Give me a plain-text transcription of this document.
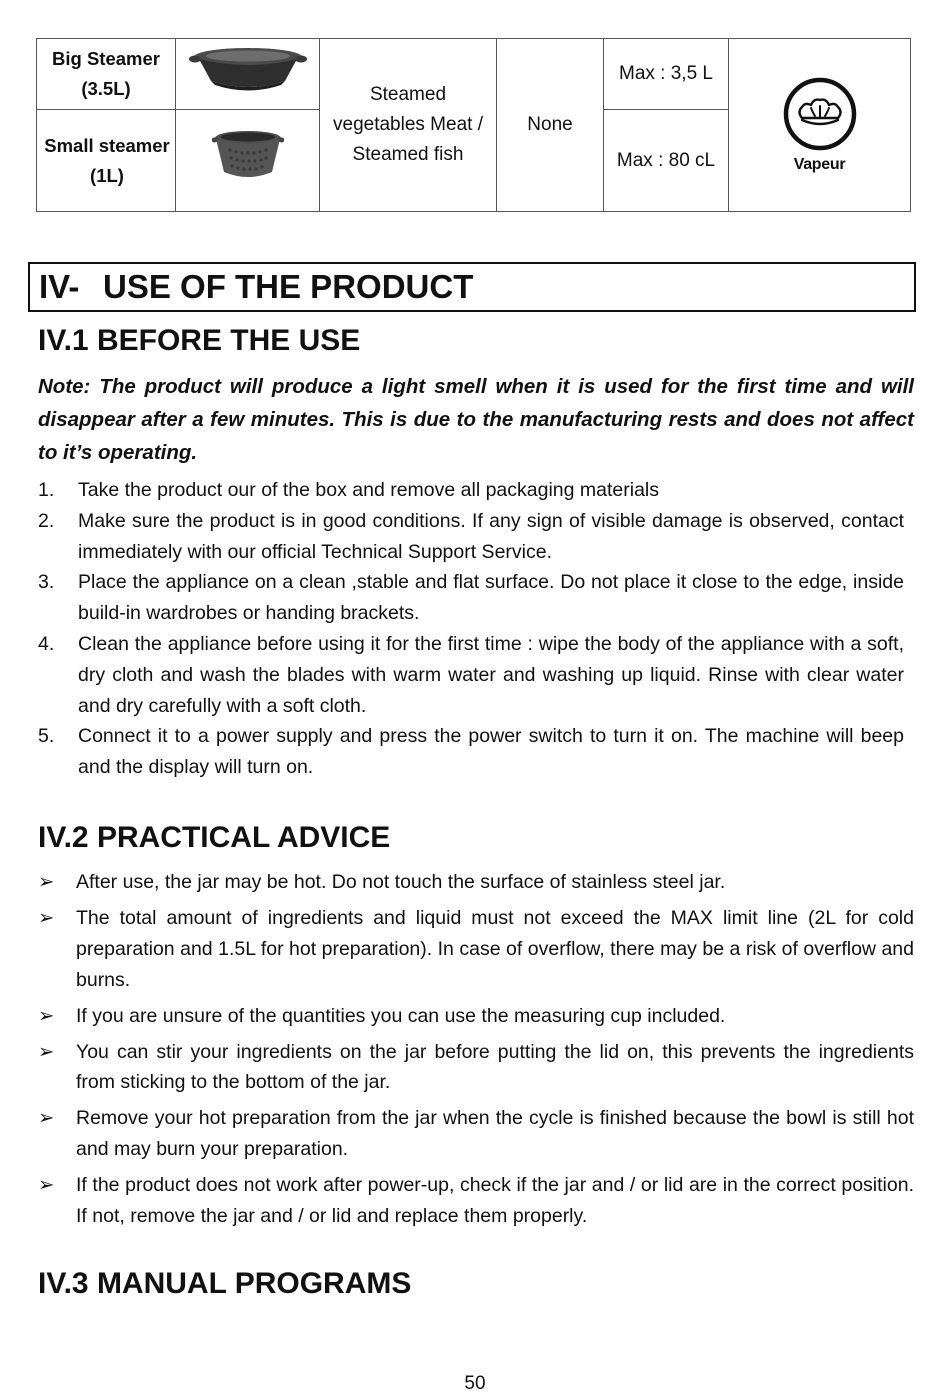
Big Steamer (3.5L)		Steamed vegetables Meat / Steamed fish	None	Max : 3,5 L	Vapeur

Small steamer (1L)				Max : 80 cL	
IV- USE OF THE PRODUCT
IV.1 BEFORE THE USE

Note: The product will produce a light smell when it is used for the first time and will disappear after a few minutes. This is due to the manufacturing rests and does not affect to it’s operating.

1. Take the product our of the box and remove all packaging materials
2. Make sure the product is in good conditions. If any sign of visible damage is observed, contact immediately with our official Technical Support Service.
3. Place the appliance on a clean ,stable and flat surface. Do not place it close to the edge, inside build-in wardrobes or handing brackets.
4. Clean the appliance before using it for the first time : wipe the body of the appliance with a soft, dry cloth and wash the blades with warm water and washing up liquid. Rinse with clear water and dry carefully with a soft cloth.
5. Connect it to a power supply and press the power switch to turn it on. The machine will beep and the display will turn on.
IV.2 PRACTICAL ADVICE
➢ After use, the jar may be hot. Do not touch the surface of stainless steel jar.
➢ The total amount of ingredients and liquid must not exceed the MAX limit line (2L for cold preparation and 1.5L for hot preparation). In case of overflow, there may be a risk of overflow and burns.
➢ If you are unsure of the quantities you can use the measuring cup included.
➢ You can stir your ingredients on the jar before putting the lid on, this prevents the ingredients from sticking to the bottom of the jar.
➢ Remove your hot preparation from the jar when the cycle is finished because the bowl is still hot and may burn your preparation.
➢ If the product does not work after power-up, check if the jar and / or lid are in the correct position. If not, remove the jar and / or lid and replace them properly.
IV.3 MANUAL PROGRAMS
50
